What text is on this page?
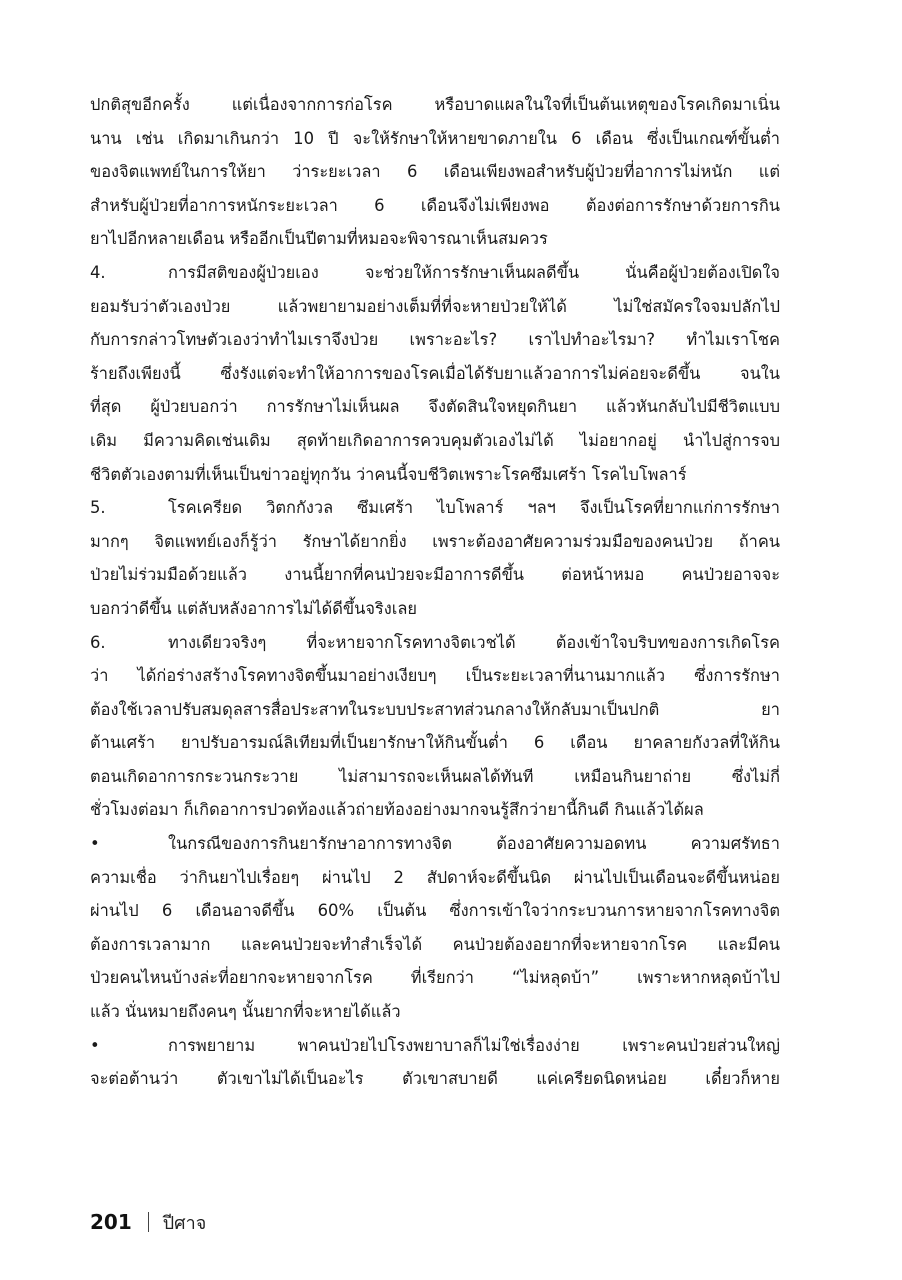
ปกติสุขอีกครั้ง แต่เนื่องจากการก่อโรค หรือบาดแผลในใจที่เป็นต้นเหตุของโรคเกิดมาเนิ่น
นาน เช่น เกิดมาเกินกว่า 10 ปี จะให้รักษาให้หายขาดภายใน 6 เดือน ซึ่งเป็นเกณฑ์ขั้นต่ำ
ของจิตแพทย์ในการให้ยา ว่าระยะเวลา 6 เดือนเพียงพอสำหรับผู้ป่วยที่อาการไม่หนัก แต่
สำหรับผู้ป่วยที่อาการหนักระยะเวลา 6 เดือนจึงไม่เพียงพอ ต้องต่อการรักษาด้วยการกิน
ยาไปอีกหลายเดือน หรืออีกเป็นปีตามที่หมอจะพิจารณาเห็นสมควร
4.	การมีสติของผู้ป่วยเอง จะช่วยให้การรักษาเห็นผลดีขึ้น นั่นคือผู้ป่วยต้องเปิดใจ
ยอมรับว่าตัวเองป่วย แล้วพยายามอย่างเต็มที่ที่จะหายป่วยให้ได้ ไม่ใช่สมัครใจจมปลักไป
กับการกล่าวโทษตัวเองว่าทำไมเราจึงป่วย เพราะอะไร? เราไปทำอะไรมา? ทำไมเราโชค
ร้ายถึงเพียงนี้ ซึ่งรังแต่จะทำให้อาการของโรคเมื่อได้รับยาแล้วอาการไม่ค่อยจะดีขึ้น จนใน
ที่สุด ผู้ป่วยบอกว่า การรักษาไม่เห็นผล จึงตัดสินใจหยุดกินยา แล้วหันกลับไปมีชีวิตแบบ
เดิม มีความคิดเช่นเดิม สุดท้ายเกิดอาการควบคุมตัวเองไม่ได้ ไม่อยากอยู่ นำไปสู่การจบ
ชีวิตตัวเองตามที่เห็นเป็นข่าวอยู่ทุกวัน ว่าคนนี้จบชีวิตเพราะโรคซึมเศร้า โรคไบโพลาร์
5.	โรคเครียด วิตกกังวล ซึมเศร้า ไบโพลาร์ ฯลฯ จึงเป็นโรคที่ยากแก่การรักษา
มากๆ จิตแพทย์เองก็รู้ว่า รักษาได้ยากยิ่ง เพราะต้องอาศัยความร่วมมือของคนป่วย ถ้าคน
ป่วยไม่ร่วมมือด้วยแล้ว งานนี้ยากที่คนป่วยจะมีอาการดีขึ้น ต่อหน้าหมอ คนป่วยอาจจะ
บอกว่าดีขึ้น แต่ลับหลังอาการไม่ได้ดีขึ้นจริงเลย
6.	ทางเดียวจริงๆ ที่จะหายจากโรคทางจิตเวชได้ ต้องเข้าใจบริบทของการเกิดโรค
ว่า ได้ก่อร่างสร้างโรคทางจิตขึ้นมาอย่างเงียบๆ เป็นระยะเวลาที่นานมากแล้ว ซึ่งการรักษา
ต้องใช้เวลาปรับสมดุลสารสื่อประสาทในระบบประสาทส่วนกลางให้กลับมาเป็นปกติ ยา
ต้านเศร้า ยาปรับอารมณ์ลิเทียมที่เป็นยารักษาให้กินขั้นต่ำ 6 เดือน ยาคลายกังวลที่ให้กิน
ตอนเกิดอาการกระวนกระวาย ไม่สามารถจะเห็นผลได้ทันที เหมือนกินยาถ่าย ซึ่งไม่กี่
ชั่วโมงต่อมา ก็เกิดอาการปวดท้องแล้วถ่ายท้องอย่างมากจนรู้สึกว่ายานี้กินดี กินแล้วได้ผล
•	ในกรณีของการกินยารักษาอาการทางจิต ต้องอาศัยความอดทน ความศรัทธา
ความเชื่อ ว่ากินยาไปเรื่อยๆ ผ่านไป 2 สัปดาห์จะดีขึ้นนิด ผ่านไปเป็นเดือนจะดีขึ้นหน่อย
ผ่านไป 6 เดือนอาจดีขึ้น 60% เป็นต้น ซึ่งการเข้าใจว่ากระบวนการหายจากโรคทางจิต
ต้องการเวลามาก และคนป่วยจะทำสำเร็จได้ คนป่วยต้องอยากที่จะหายจากโรค และมีคน
ป่วยคนไหนบ้างล่ะที่อยากจะหายจากโรค ที่เรียกว่า “ไม่หลุดบ้า” เพราะหากหลุดบ้าไป
แล้ว นั่นหมายถึงคนๆ นั้นยากที่จะหายได้แล้ว
•	การพยายาม พาคนป่วยไปโรงพยาบาลก็ไม่ใช่เรื่องง่าย เพราะคนป่วยส่วนใหญ่
จะต่อต้านว่า ตัวเขาไม่ได้เป็นอะไร ตัวเขาสบายดี แค่เครียดนิดหน่อย เดี๋ยวก็หาย
201 ปีศาจ
